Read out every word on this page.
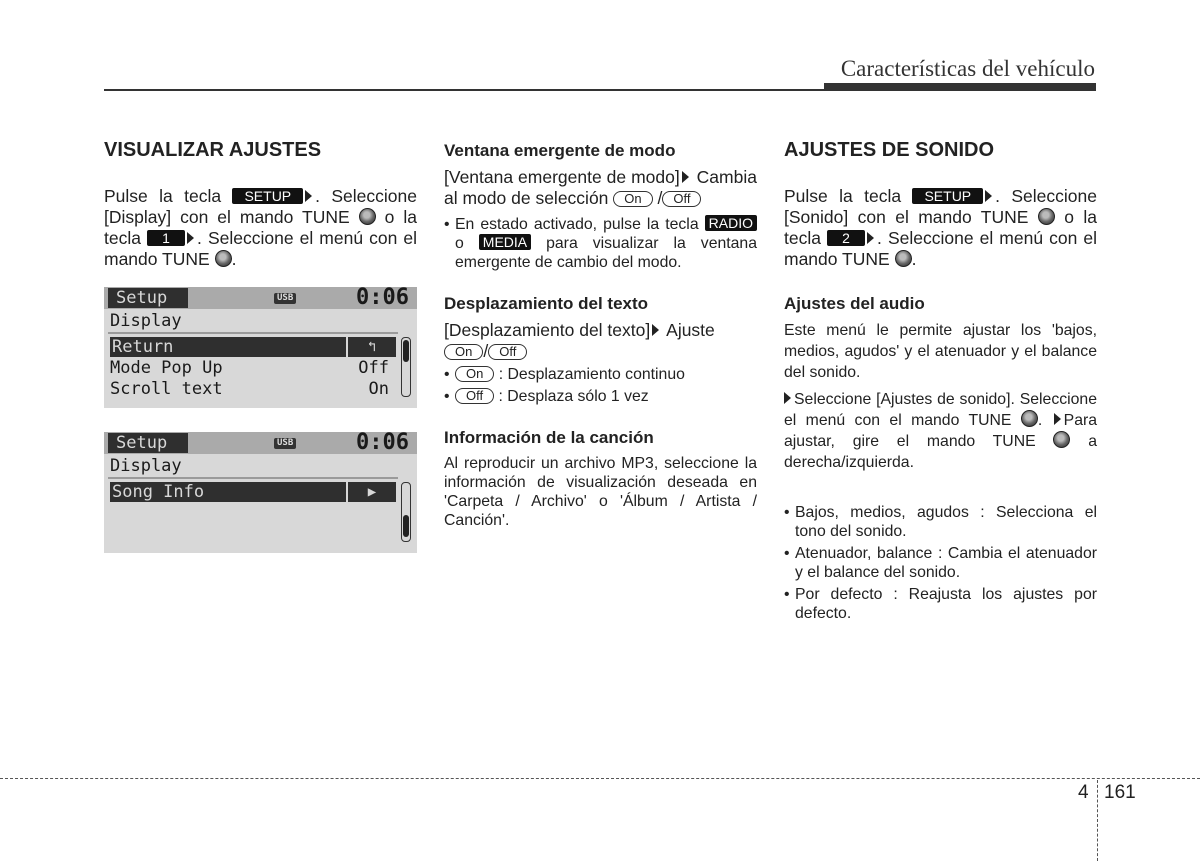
Características del vehículo
VISUALIZAR AJUSTES

Pulse la tecla SETUP . Seleccione [Display] con el mando TUNE o la tecla 1 . Seleccione el menú con el mando TUNE .

Setup	USB	0:06
Display
Return	↰
Mode Pop Up	Off
Scroll text	On
Setup	USB	0:06
Display
Song Info	▶
Ventana emergente de modo

[Ventana emergente de modo] Cambia al modo de selección On / Off

• En estado activado, pulse la tecla RADIO o MEDIA para visualizar la ventana emergente de cambio del modo.

Desplazamiento del texto

[Desplazamiento del texto] Ajuste
On / Off

• On : Desplazamiento continuo

• Off : Desplaza sólo 1 vez

Información de la canción

Al reproducir un archivo MP3, seleccione la información de visualización deseada en 'Carpeta / Archivo' o 'Álbum / Artista / Canción'.

AJUSTES DE SONIDO

Pulse la tecla SETUP . Seleccione [Sonido] con el mando TUNE o la tecla 2 . Seleccione el menú con el mando TUNE .

Ajustes del audio

Este menú le permite ajustar los 'bajos, medios, agudos' y el atenuador y el balance del sonido.

Seleccione [Ajustes de sonido]. Seleccione el menú con el mando TUNE . Para ajustar, gire el mando TUNE	a derecha/izquierda.

• Bajos, medios, agudos : Selecciona el tono del sonido.

• Atenuador, balance : Cambia el atenuador y el balance del sonido.

• Por defecto : Reajusta los ajustes por defecto.

4 161
